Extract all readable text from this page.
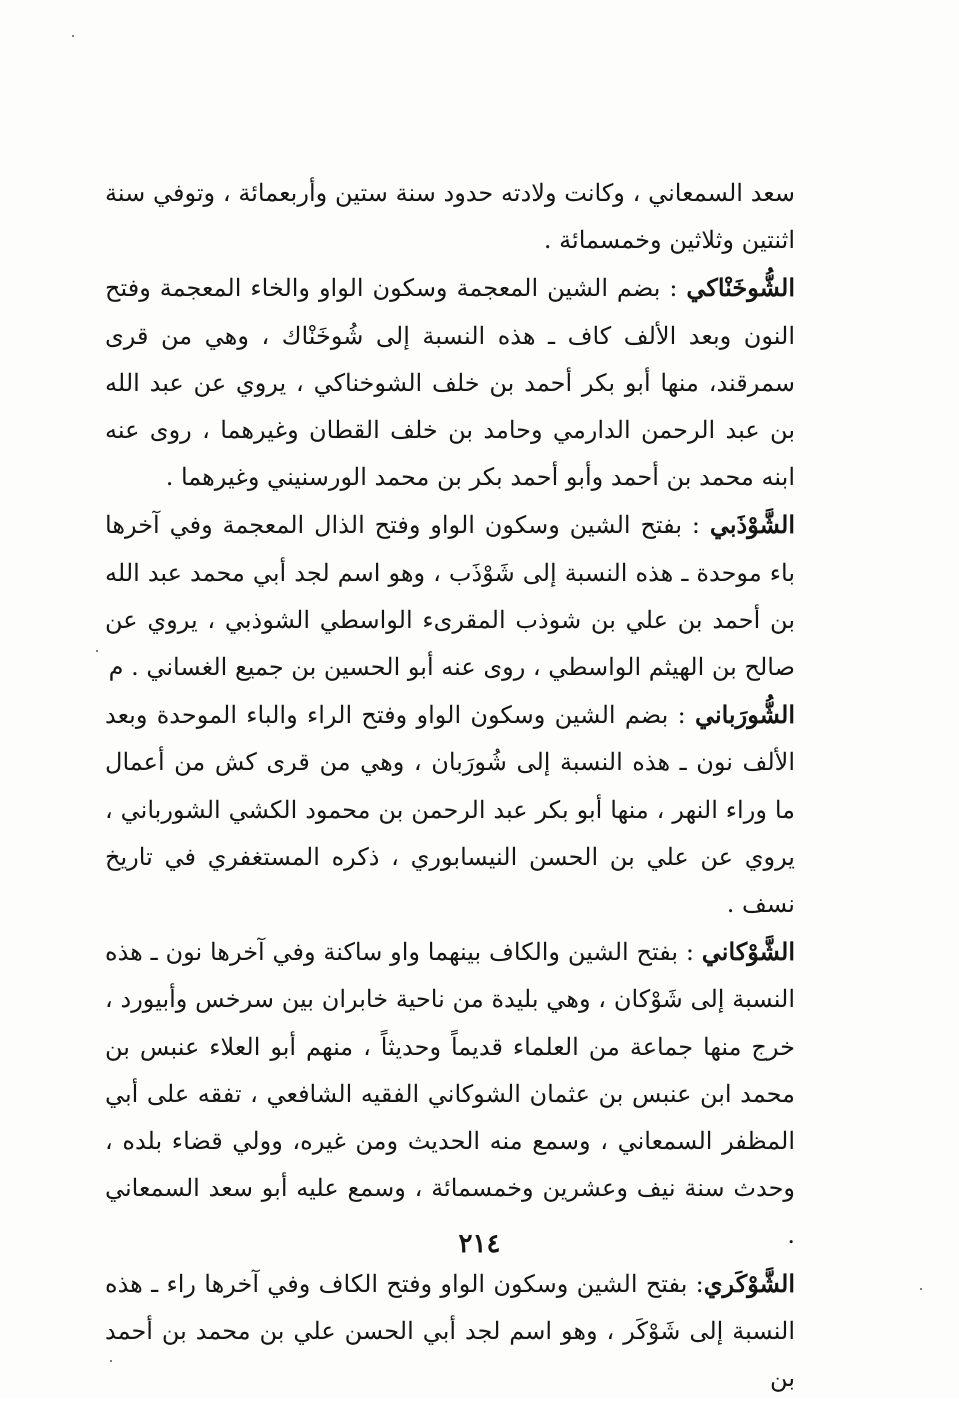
سعد السمعاني ، وكانت ولادته حدود سنة ستين وأربعمائة ، وتوفي سنة اثنتين وثلاثين وخمسمائة .

الشُّوخَنْاكي : بضم الشين المعجمة وسكون الواو والخاء المعجمة وفتح النون وبعد الألف كاف ـ هذه النسبة إلى شُوخَنْاك ، وهي من قرى سمرقند، منها أبو بكر أحمد بن خلف الشوخناكي ، يروي عن عبد الله بن عبد الرحمن الدارمي وحامد بن خلف القطان وغيرهما ، روى عنه ابنه محمد بن أحمد وأبو أحمد بكر بن محمد الورسنيني وغيرهما .

الشَّوْذَبي : بفتح الشين وسكون الواو وفتح الذال المعجمة وفي آخرها باء موحدة ـ هذه النسبة إلى شَوْذَب ، وهو اسم لجد أبي محمد عبد الله بن أحمد بن علي بن شوذب المقرىء الواسطي الشوذبي ، يروي عن صالح بن الهيثم الواسطي ، روى عنه أبو الحسين بن جميع الغساني . م

الشُّورَباني : بضم الشين وسكون الواو وفتح الراء والباء الموحدة وبعد الألف نون ـ هذه النسبة إلى شُورَبان ، وهي من قرى كش من أعمال ما وراء النهر ، منها أبو بكر عبد الرحمن بن محمود الكشي الشورباني ، يروي عن علي بن الحسن النيسابوري ، ذكره المستغفري في تاريخ نسف .

الشَّوْكاني : بفتح الشين والكاف بينهما واو ساكنة وفي آخرها نون ـ هذه النسبة إلى شَوْكان ، وهي بليدة من ناحية خابران بين سرخس وأبيورد ، خرج منها جماعة من العلماء قديماً وحديثاً ، منهم أبو العلاء عنبس بن محمد ابن عنبس بن عثمان الشوكاني الفقيه الشافعي ، تفقه على أبي المظفر السمعاني ، وسمع منه الحديث ومن غيره، وولي قضاء بلده ، وحدث سنة نيف وعشرين وخمسمائة ، وسمع عليه أبو سعد السمعاني .

الشَّوْكَري: بفتح الشين وسكون الواو وفتح الكاف وفي آخرها راء ـ هذه النسبة إلى شَوْكَر ، وهو اسم لجد أبي الحسن علي بن محمد بن أحمد بن

٢١٤
